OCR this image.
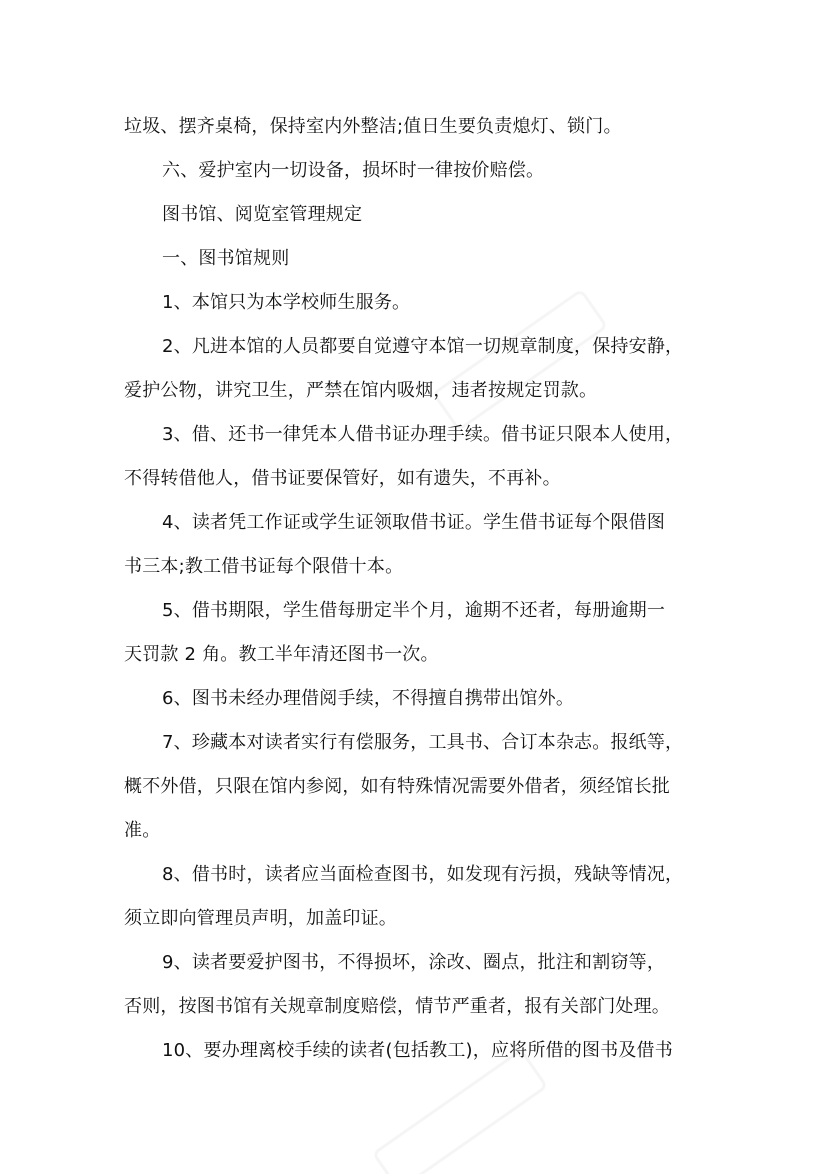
垃圾、摆齐桌椅，保持室内外整洁;值日生要负责熄灯、锁门。
六、爱护室内一切设备，损坏时一律按价赔偿。
图书馆、阅览室管理规定
一、图书馆规则
1、本馆只为本学校师生服务。
2、凡进本馆的人员都要自觉遵守本馆一切规章制度，保持安静，
爱护公物，讲究卫生，严禁在馆内吸烟，违者按规定罚款。
3、借、还书一律凭本人借书证办理手续。借书证只限本人使用，
不得转借他人，借书证要保管好，如有遗失，不再补。
4、读者凭工作证或学生证领取借书证。学生借书证每个限借图
书三本;教工借书证每个限借十本。
5、借书期限，学生借每册定半个月，逾期不还者，每册逾期一
天罚款 2 角。教工半年清还图书一次。
6、图书未经办理借阅手续，不得擅自携带出馆外。
7、珍藏本对读者实行有偿服务，工具书、合订本杂志。报纸等，
概不外借，只限在馆内参阅，如有特殊情况需要外借者，须经馆长批
准。
8、借书时，读者应当面检查图书，如发现有污损，残缺等情况，
须立即向管理员声明，加盖印证。
9、读者要爱护图书，不得损坏，涂改、圈点，批注和割窃等，
否则，按图书馆有关规章制度赔偿，情节严重者，报有关部门处理。
10、要办理离校手续的读者(包括教工)，应将所借的图书及借书
